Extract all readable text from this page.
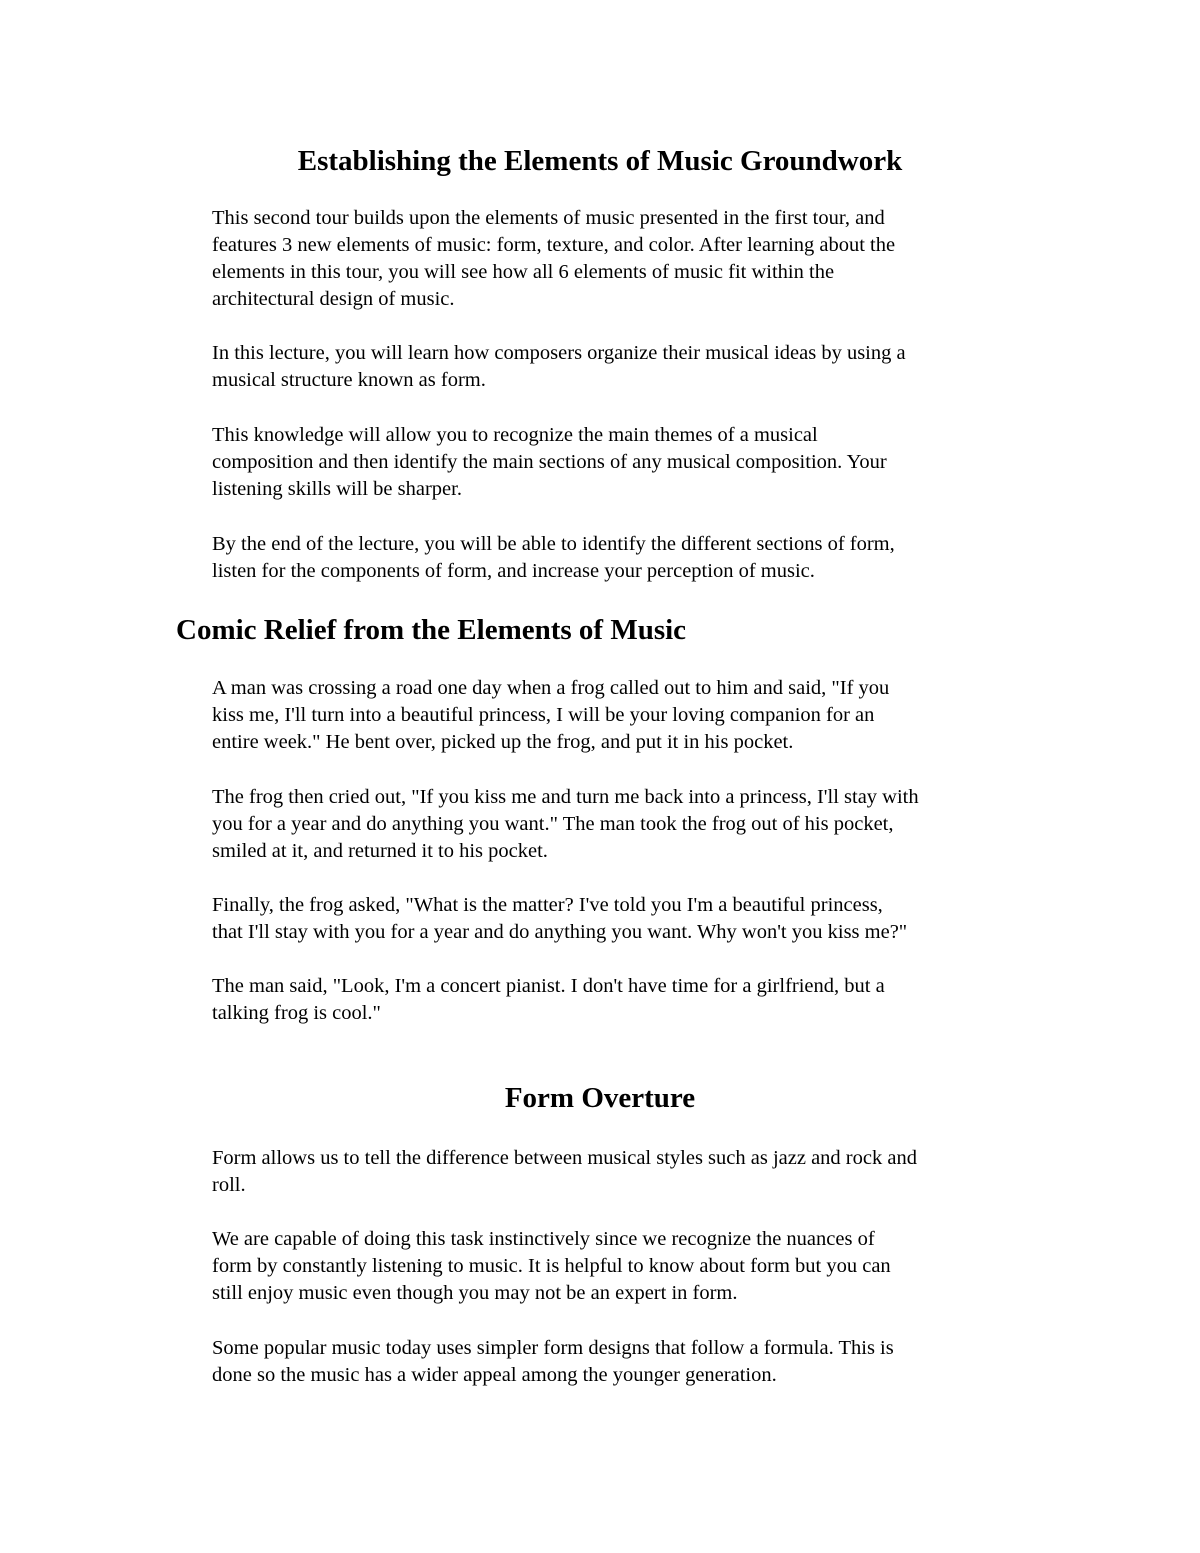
Establishing the Elements of Music Groundwork

This second tour builds upon the elements of music presented in the first tour, and
features 3 new elements of music: form, texture, and color. After learning about the
elements in this tour, you will see how all 6 elements of music fit within the
architectural design of music.

In this lecture, you will learn how composers organize their musical ideas by using a
musical structure known as form.

This knowledge will allow you to recognize the main themes of a musical
composition and then identify the main sections of any musical composition. Your
listening skills will be sharper.

By the end of the lecture, you will be able to identify the different sections of form,
listen for the components of form, and increase your perception of music.

Comic Relief from the Elements of Music

A man was crossing a road one day when a frog called out to him and said, "If you
kiss me, I'll turn into a beautiful princess, I will be your loving companion for an
entire week." He bent over, picked up the frog, and put it in his pocket.

The frog then cried out, "If you kiss me and turn me back into a princess, I'll stay with
you for a year and do anything you want." The man took the frog out of his pocket,
smiled at it, and returned it to his pocket.

Finally, the frog asked, "What is the matter? I've told you I'm a beautiful princess,
that I'll stay with you for a year and do anything you want. Why won't you kiss me?"

The man said, "Look, I'm a concert pianist. I don't have time for a girlfriend, but a
talking frog is cool."

Form Overture

Form allows us to tell the difference between musical styles such as jazz and rock and
roll.

We are capable of doing this task instinctively since we recognize the nuances of
form by constantly listening to music. It is helpful to know about form but you can
still enjoy music even though you may not be an expert in form.

Some popular music today uses simpler form designs that follow a formula. This is
done so the music has a wider appeal among the younger generation.
